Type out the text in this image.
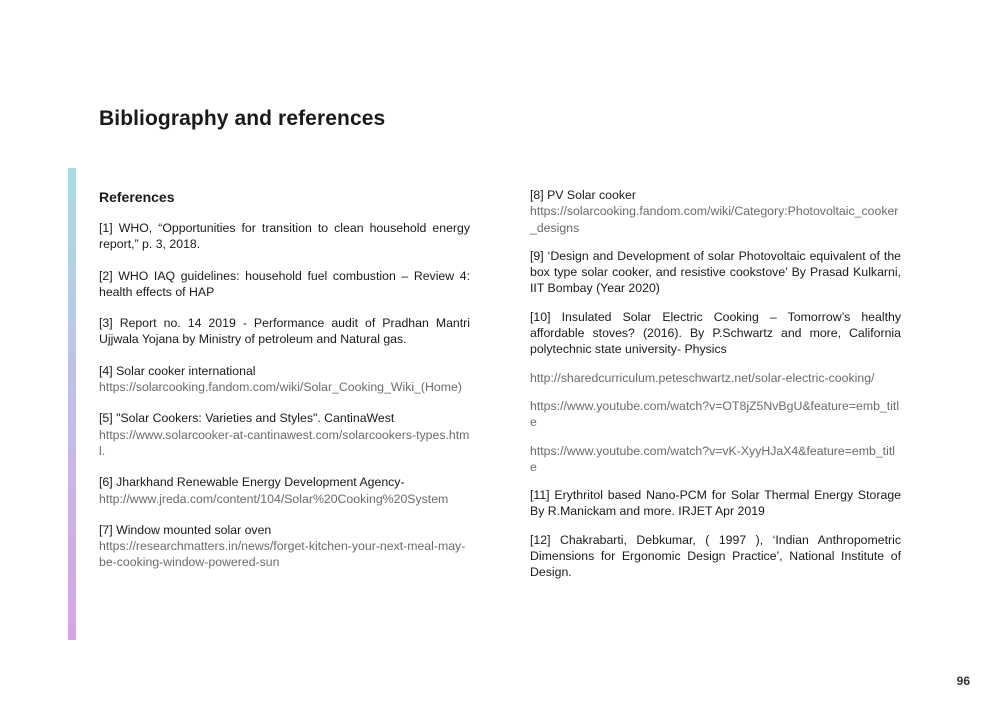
Bibliography and references
References
[1] WHO, “Opportunities for transition to clean household energy report,” p. 3, 2018.
[2] WHO IAQ guidelines: household fuel combustion – Review 4: health effects of HAP
[3] Report no. 14 2019 - Performance audit of Pradhan Mantri Ujjwala Yojana by Ministry of petroleum and Natural gas.
[4] Solar cooker international
https://solarcooking.fandom.com/wiki/Solar_Cooking_Wiki_(Home)
[5] "Solar Cookers: Varieties and Styles". CantinaWest
https://www.solarcooker-at-cantinawest.com/solarcookers-types.html.
[6] Jharkhand Renewable Energy Development Agency-
http://www.jreda.com/content/104/Solar%20Cooking%20System
[7] Window mounted solar oven
https://researchmatters.in/news/forget-kitchen-your-next-meal-may-be-cooking-window-powered-sun
[8] PV Solar cooker
https://solarcooking.fandom.com/wiki/Category:Photovoltaic_cooker_designs
[9] ‘Design and Development of solar Photovoltaic equivalent of the box type solar cooker, and resistive cookstove’ By Prasad Kulkarni, IIT Bombay (Year 2020)
[10] Insulated Solar Electric Cooking – Tomorrow’s healthy affordable stoves? (2016). By P.Schwartz and more, California polytechnic state university- Physics
http://sharedcurriculum.peteschwartz.net/solar-electric-cooking/
https://www.youtube.com/watch?v=OT8jZ5NvBgU&feature=emb_title
https://www.youtube.com/watch?v=vK-XyyHJaX4&feature=emb_title
[11] Erythritol based Nano-PCM for Solar Thermal Energy Storage By R.Manickam and more. IRJET Apr 2019
[12] Chakrabarti, Debkumar, ( 1997 ), ‘Indian Anthropometric Dimensions for Ergonomic Design Practice’, National Institute of Design.
96
